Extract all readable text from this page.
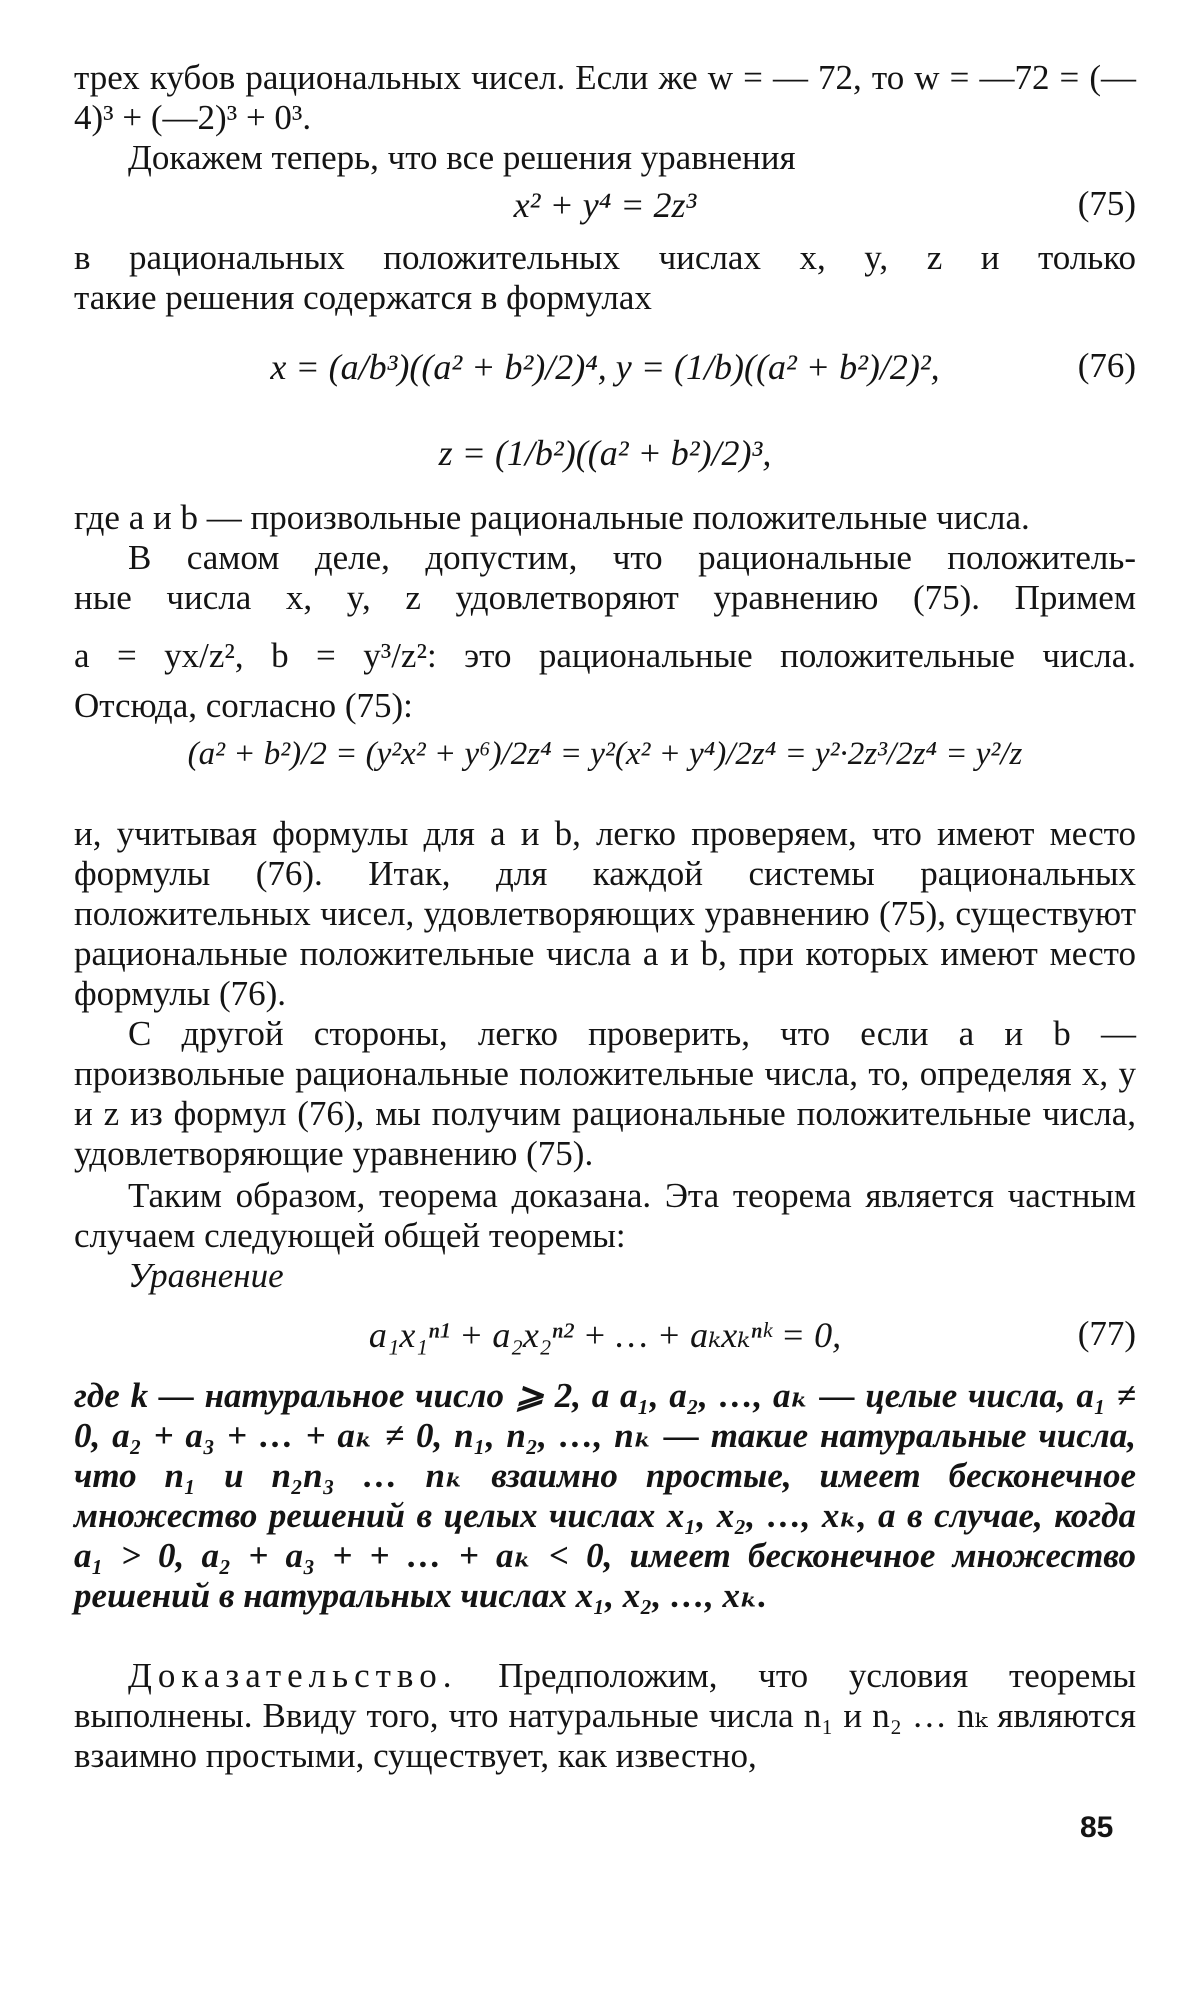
трех кубов рациональных чисел. Если же w = — 72, то w = —72 = (—4)³ + (—2)³ + 0³.
Докажем теперь, что все решения уравнения
x² + y⁴ = 2z³	(75)
в рациональных положительных числах x, y, z и только
такие решения содержатся в формулах
x = (a/b³)((a² + b²)/2)⁴, y = (1/b)((a² + b²)/2)²,	(76)
z = (1/b²)((a² + b²)/2)³,
где a и b — произвольные рациональные положительные числа.
В самом деле, допустим, что рациональные положитель-
ные числа x, y, z удовлетворяют уравнению (75). Примем
a = yx/z², b = y³/z²: это рациональные положительные числа.
Отсюда, согласно (75):
(a² + b²)/2 = (y²x² + y⁶)/2z⁴ = y²(x² + y⁴)/2z⁴ = y²·2z³/2z⁴ = y²/z
и, учитывая формулы для a и b, легко проверяем, что имеют место формулы (76). Итак, для каждой системы рациональных положительных чисел, удовлетворяющих уравнению (75), существуют рациональные положительные числа a и b, при которых имеют место формулы (76).
С другой стороны, легко проверить, что если a и b — произвольные рациональные положительные числа, то, определяя x, y и z из формул (76), мы получим рациональные положительные числа, удовлетворяющие уравнению (75).
Таким образом, теорема доказана. Эта теорема является частным случаем следующей общей теоремы:
Уравнение
a₁x₁ⁿ¹ + a₂x₂ⁿ² + … + aₖxₖⁿᵏ = 0,	(77)
где k — натуральное число ⩾ 2, a a₁, a₂, …, aₖ — целые числа, a₁ ≠ 0, a₂ + a₃ + … + aₖ ≠ 0, n₁, n₂, …, nₖ — такие натуральные числа, что n₁ и n₂n₃ … nₖ взаимно простые, имеет бесконечное множество решений в целых числах x₁, x₂, …, xₖ, а в случае, когда a₁ > 0, a₂ + a₃ + + … + aₖ < 0, имеет бесконечное множество решений в натуральных числах x₁, x₂, …, xₖ.
Доказательство. Предположим, что условия теоремы выполнены. Ввиду того, что натуральные числа n₁ и n₂ … nₖ являются взаимно простыми, существует, как известно,
85
